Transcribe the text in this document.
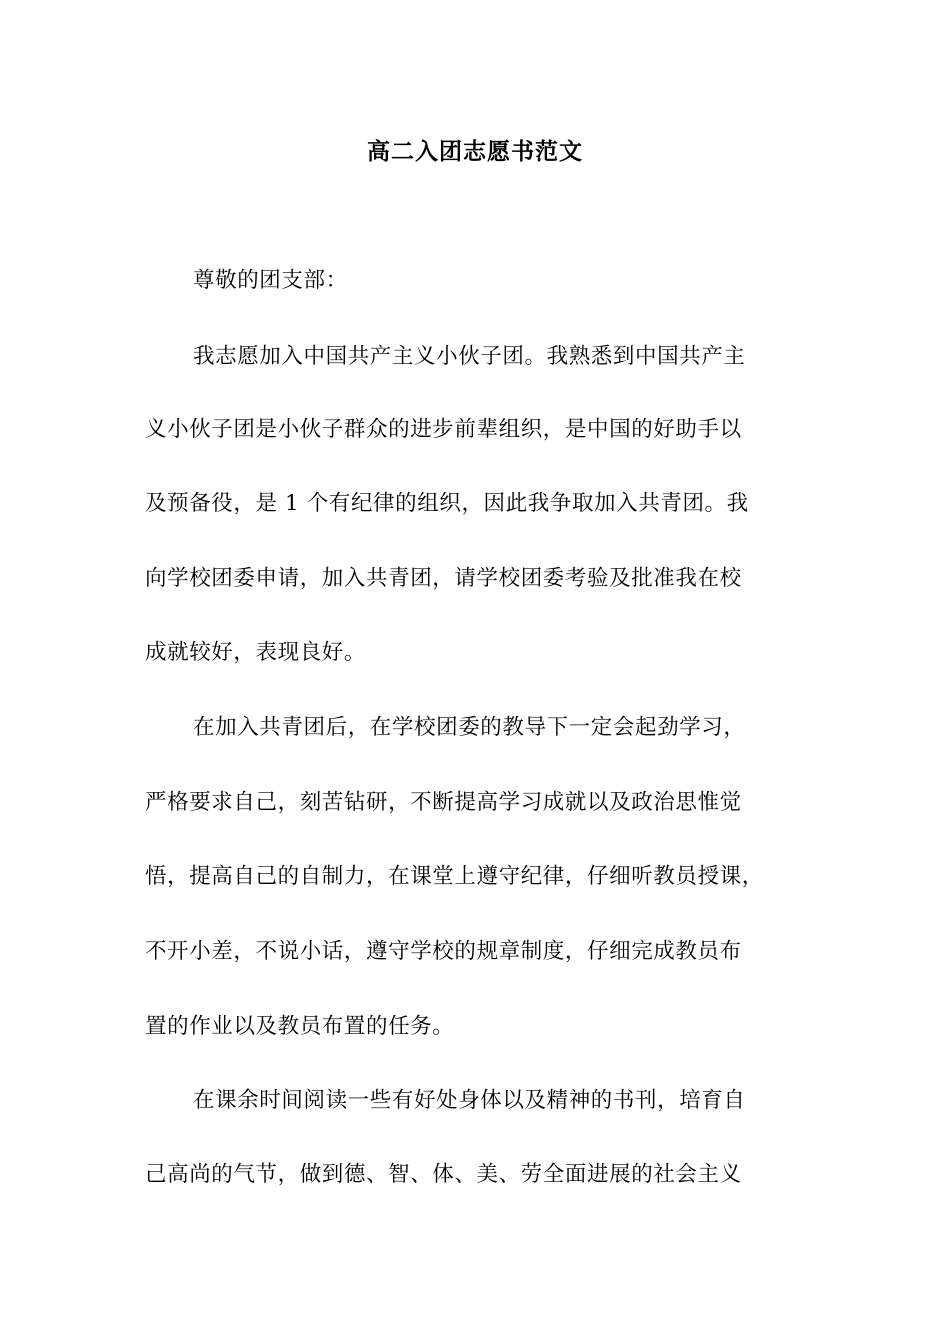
高二入团志愿书范文
尊敬的团支部：
我志愿加入中国共产主义小伙子团。我熟悉到中国共产主
义小伙子团是小伙子群众的进步前辈组织，是中国的好助手以
及预备役，是 1 个有纪律的组织，因此我争取加入共青团。我
向学校团委申请，加入共青团，请学校团委考验及批准我在校
成就较好，表现良好。
在加入共青团后，在学校团委的教导下一定会起劲学习，
严格要求自己，刻苦钻研，不断提高学习成就以及政治思惟觉
悟，提高自己的自制力，在课堂上遵守纪律，仔细听教员授课，
不开小差，不说小话，遵守学校的规章制度，仔细完成教员布
置的作业以及教员布置的任务。
在课余时间阅读一些有好处身体以及精神的书刊，培育自
己高尚的气节，做到德、智、体、美、劳全面进展的社会主义
